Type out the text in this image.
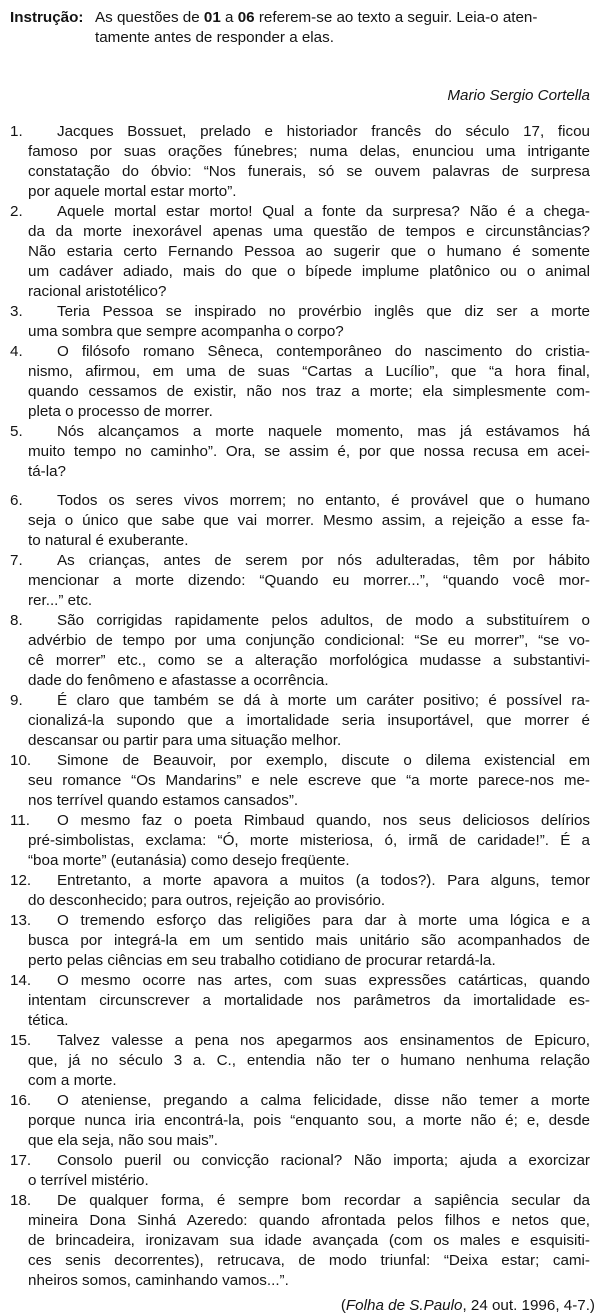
Instrução: As questões de 01 a 06 referem-se ao texto a seguir. Leia-o aten-
tamente antes de responder a elas.
Mario Sergio Cortella
1.	Jacques Bossuet, prelado e historiador francês do século 17, ficou
famoso por suas orações fúnebres; numa delas, enunciou uma intrigante
constatação do óbvio: “Nos funerais, só se ouvem palavras de surpresa
por aquele mortal estar morto”.
2.	Aquele mortal estar morto! Qual a fonte da surpresa? Não é a chega-
da da morte inexorável apenas uma questão de tempos e circunstâncias?
Não estaria certo Fernando Pessoa ao sugerir que o humano é somente
um cadáver adiado, mais do que o bípede implume platônico ou o animal
racional aristotélico?
3.	Teria Pessoa se inspirado no provérbio inglês que diz ser a morte
uma sombra que sempre acompanha o corpo?
4.	O filósofo romano Sêneca, contemporâneo do nascimento do cristia-
nismo, afirmou, em uma de suas “Cartas a Lucílio”, que “a hora final,
quando cessamos de existir, não nos traz a morte; ela simplesmente com-
pleta o processo de morrer.
5.	Nós alcançamos a morte naquele momento, mas já estávamos há
muito tempo no caminho”. Ora, se assim é, por que nossa recusa em acei-
tá-la?
6.	Todos os seres vivos morrem; no entanto, é provável que o humano
seja o único que sabe que vai morrer. Mesmo assim, a rejeição a esse fa-
to natural é exuberante.
7.	As crianças, antes de serem por nós adulteradas, têm por hábito
mencionar a morte dizendo: “Quando eu morrer...”, “quando você mor-
rer...” etc.
8.	São corrigidas rapidamente pelos adultos, de modo a substituírem o
advérbio de tempo por uma conjunção condicional: “Se eu morrer”, “se vo-
cê morrer” etc., como se a alteração morfológica mudasse a substantivi-
dade do fenômeno e afastasse a ocorrência.
9.	É claro que também se dá à morte um caráter positivo; é possível ra-
cionalizá-la supondo que a imortalidade seria insuportável, que morrer é
descansar ou partir para uma situação melhor.
10.	Simone de Beauvoir, por exemplo, discute o dilema existencial em
seu romance “Os Mandarins” e nele escreve que “a morte parece-nos me-
nos terrível quando estamos cansados”.
11.	O mesmo faz o poeta Rimbaud quando, nos seus deliciosos delírios
pré-simbolistas, exclama: “Ó, morte misteriosa, ó, irmã de caridade!”. É a
“boa morte” (eutanásia) como desejo freqüente.
12.	Entretanto, a morte apavora a muitos (a todos?). Para alguns, temor
do desconhecido; para outros, rejeição ao provisório.
13.	O tremendo esforço das religiões para dar à morte uma lógica e a
busca por integrá-la em um sentido mais unitário são acompanhados de
perto pelas ciências em seu trabalho cotidiano de procurar retardá-la.
14.	O mesmo ocorre nas artes, com suas expressões catárticas, quando
intentam circunscrever a mortalidade nos parâmetros da imortalidade es-
tética.
15.	Talvez valesse a pena nos apegarmos aos ensinamentos de Epicuro,
que, já no século 3 a. C., entendia não ter o humano nenhuma relação
com a morte.
16.	O ateniense, pregando a calma felicidade, disse não temer a morte
porque nunca iria encontrá-la, pois “enquanto sou, a morte não é; e, desde
que ela seja, não sou mais”.
17.	Consolo pueril ou convicção racional? Não importa; ajuda a exorcizar
o terrível mistério.
18.	De qualquer forma, é sempre bom recordar a sapiência secular da
mineira Dona Sinhá Azeredo: quando afrontada pelos filhos e netos que,
de brincadeira, ironizavam sua idade avançada (com os males e esquisiti-
ces senis decorrentes), retrucava, de modo triunfal: “Deixa estar; cami-
nheiros somos, caminhando vamos...”.
(Folha de S.Paulo, 24 out. 1996, 4-7.)
